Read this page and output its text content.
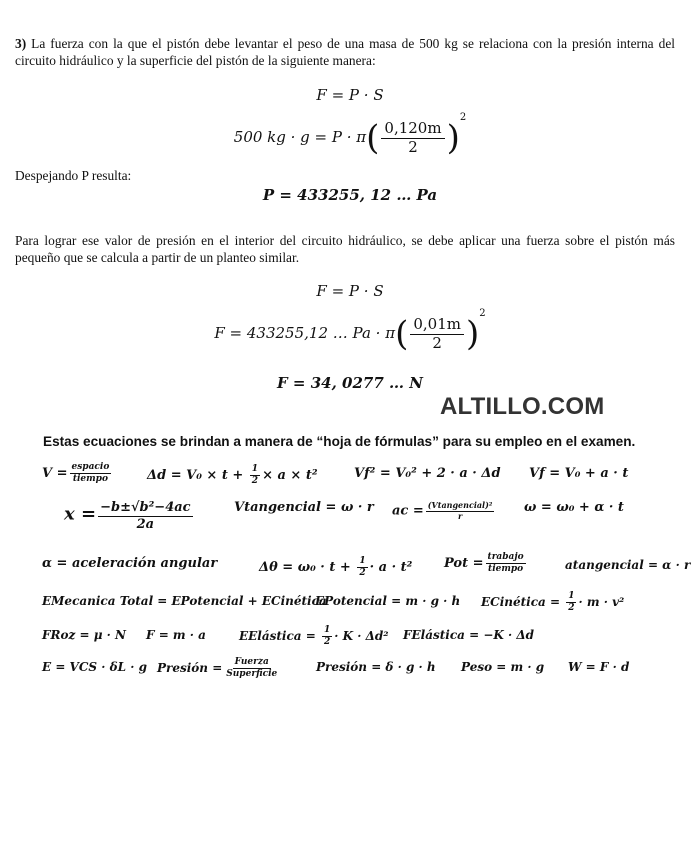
3) La fuerza con la que el pistón debe levantar el peso de una masa de 500 kg se relaciona con la presión interna del circuito hidráulico y la superficie del pistón de la siguiente manera:
F = P · S
500 kg · $g = P \cdot \pi( \frac{0,120m}{2} )^2$
Despejando P resulta:
P = 433255, 12 … Pa
Para lograr ese valor de presión en el interior del circuito hidráulico, se debe aplicar una fuerza sobre el pistón más pequeño que se calcula a partir de un planteo similar.
F = P · S
F = 433255,12 … $Pa \cdot \pi( \frac{0,01m}{2} )^2$
F = 34, 0277 … N
ALTILLO.COM
Estas ecuaciones se brindan a manera de “hoja de fórmulas” para su empleo en el examen.
V = espacio
tiempo	$\Delta d = V_0 \times t + \frac{1}{2} \times a \times t^2$	Vf² = V₀² + 2 · a · Δd Vf = V₀ + a · t
$x = \frac{\text{−b±√b²−4ac}}{2a}$	Vtangencial = ω · r ac = (Vtangencial)²
r
ω = ω₀ + α · t
α = aceleración angular	$\Delta\theta = \omega_0 \cdot t + \frac{1}{2} \cdot a \cdot t^2$ Pot = trabajo
tiempo	atangencial = α · r
EMecanica Total = EPotencial + ECinética
EPotencial = m · g · h ECinética = $\frac{1}{2} \cdot m \cdot v^2$
FRoz = μ · N F = m · a	EElástica = $\frac{1}{2} \cdot K \cdot \Delta d^2$ FElástica = −K · Δd
E = VCS · δL · g Presión = Fuerza
Superficie	Presión = δ · g · h Peso = m · g W = F · d
